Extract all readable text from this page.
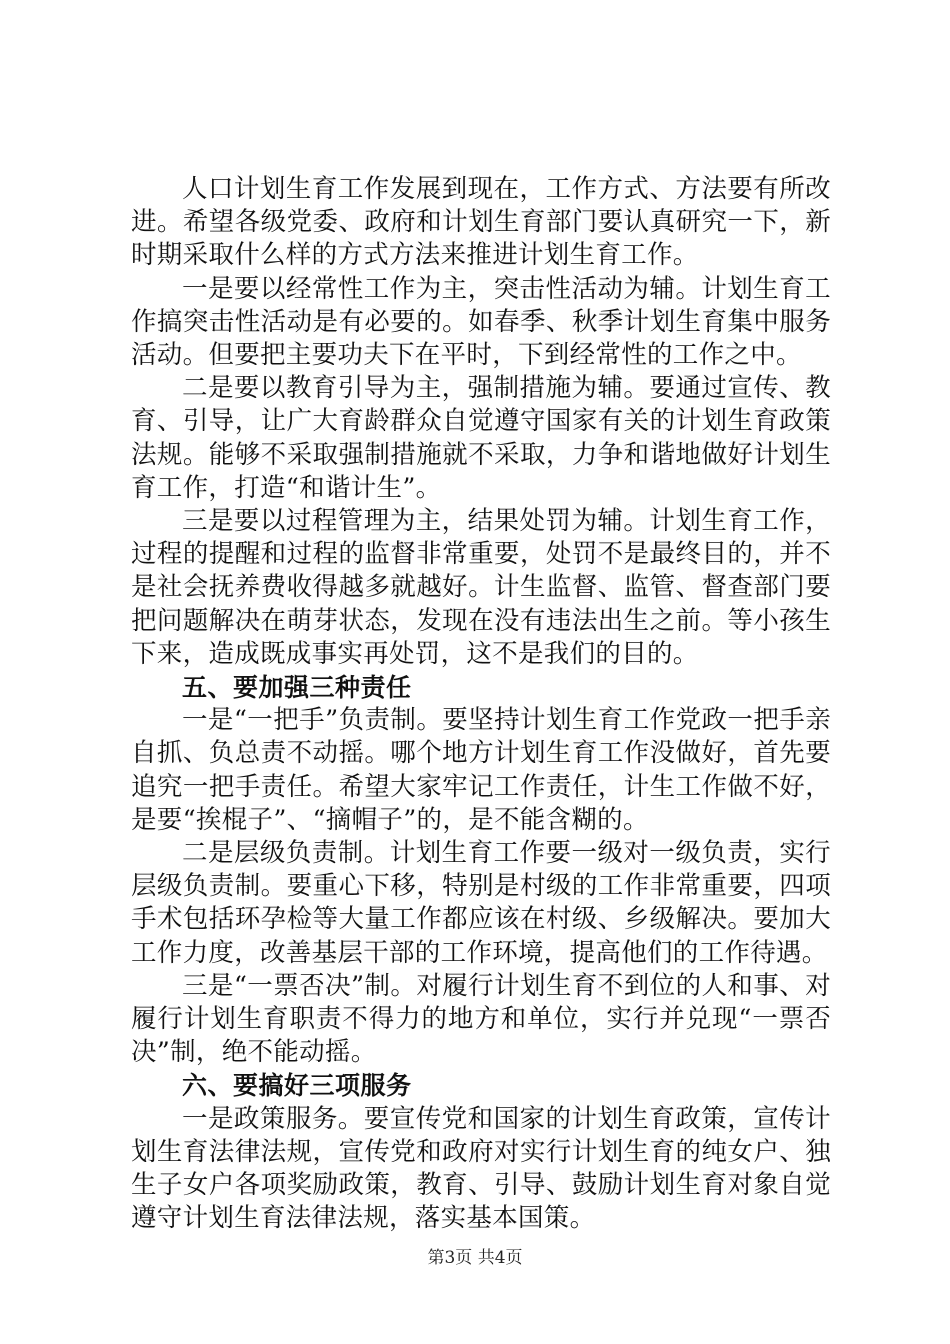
人口计划生育工作发展到现在，工作方式、方法要有所改进。希望各级党委、政府和计划生育部门要认真研究一下，新时期采取什么样的方式方法来推进计划生育工作。

一是要以经常性工作为主，突击性活动为辅。计划生育工作搞突击性活动是有必要的。如春季、秋季计划生育集中服务活动。但要把主要功夫下在平时，下到经常性的工作之中。

二是要以教育引导为主，强制措施为辅。要通过宣传、教育、引导，让广大育龄群众自觉遵守国家有关的计划生育政策法规。能够不采取强制措施就不采取，力争和谐地做好计划生育工作，打造“和谐计生”。

三是要以过程管理为主，结果处罚为辅。计划生育工作，过程的提醒和过程的监督非常重要，处罚不是最终目的，并不是社会抚养费收得越多就越好。计生监督、监管、督查部门要把问题解决在萌芽状态，发现在没有违法出生之前。等小孩生下来，造成既成事实再处罚，这不是我们的目的。

五、要加强三种责任

一是“一把手”负责制。要坚持计划生育工作党政一把手亲自抓、负总责不动摇。哪个地方计划生育工作没做好，首先要追究一把手责任。希望大家牢记工作责任，计生工作做不好，是要“挨棍子”、“摘帽子”的，是不能含糊的。

二是层级负责制。计划生育工作要一级对一级负责，实行层级负责制。要重心下移，特别是村级的工作非常重要，四项手术包括环孕检等大量工作都应该在村级、乡级解决。要加大工作力度，改善基层干部的工作环境，提高他们的工作待遇。

三是“一票否决”制。对履行计划生育不到位的人和事、对履行计划生育职责不得力的地方和单位，实行并兑现“一票否决”制，绝不能动摇。

六、要搞好三项服务

一是政策服务。要宣传党和国家的计划生育政策，宣传计划生育法律法规，宣传党和政府对实行计划生育的纯女户、独生子女户各项奖励政策，教育、引导、鼓励计划生育对象自觉遵守计划生育法律法规，落实基本国策。

第3页 共4页
